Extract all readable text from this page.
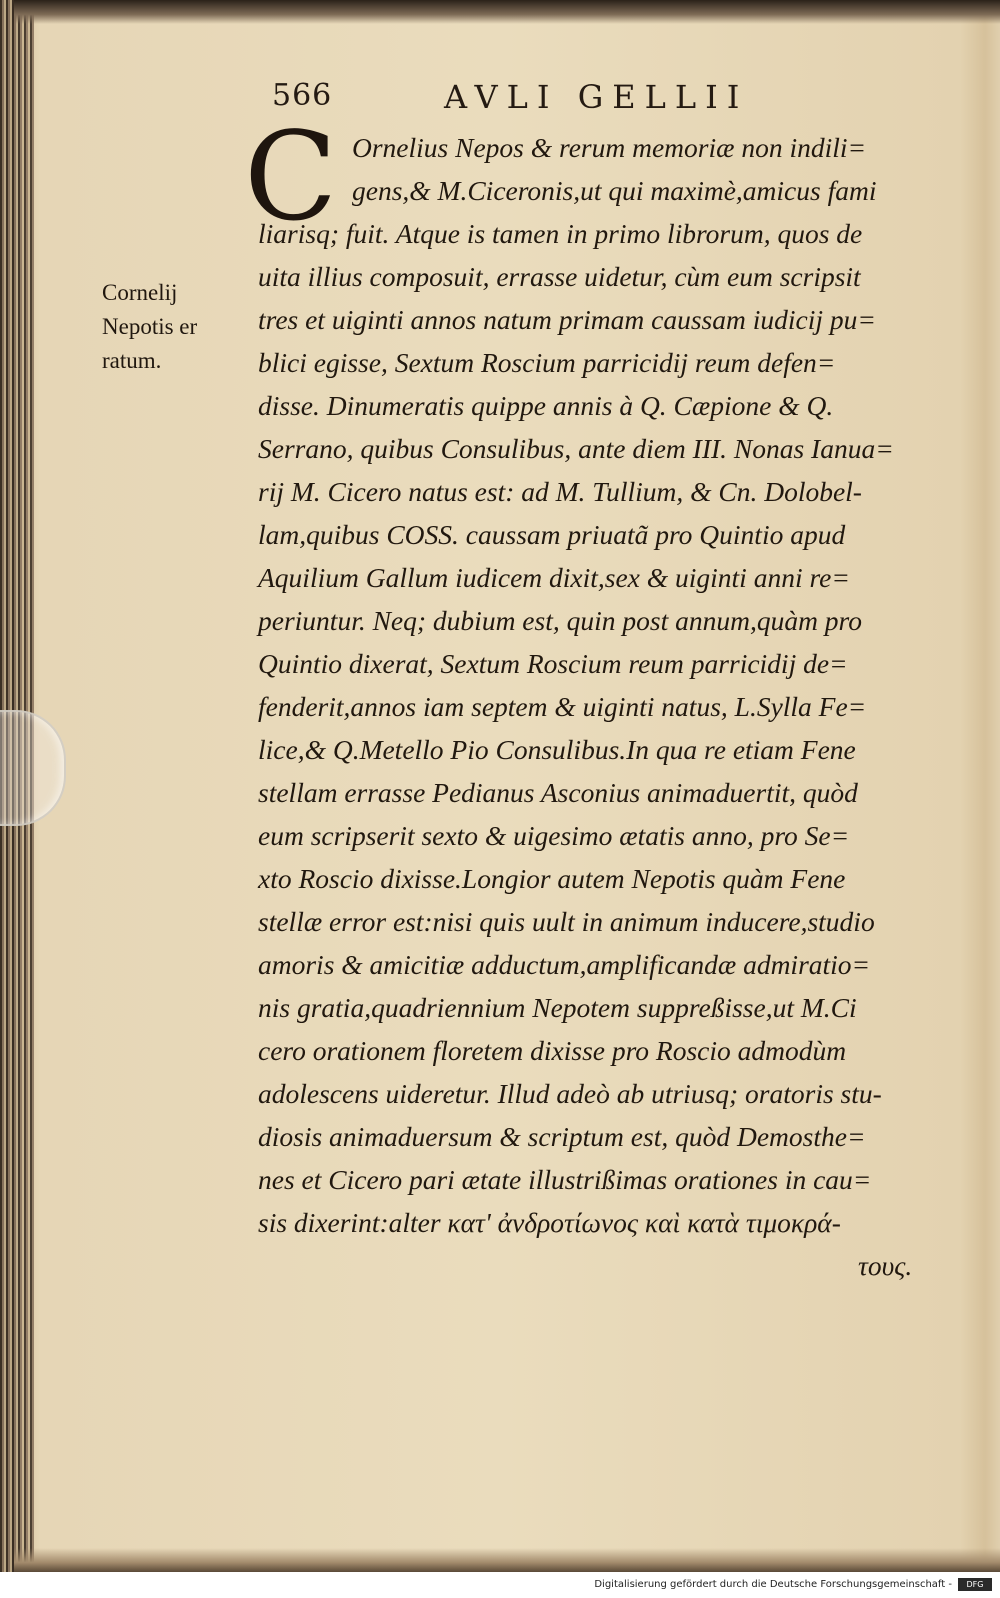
566	AVLI GELLII
C
Cornelij
Nepotis er
ratum.
Ornelius Nepos & rerum memoriæ non indili=
gens,& M.Ciceronis,ut qui maximè,amicus fami
liarisq; fuit. Atque is tamen in primo librorum, quos de
uita illius composuit, errasse uidetur, cùm eum scripsit
tres et uiginti annos natum primam caussam iudicij pu=
blici egisse, Sextum Roscium parricidij reum defen=
disse. Dinumeratis quippe annis à Q. Cæpione & Q.
Serrano, quibus Consulibus, ante diem III. Nonas Ianua=
rij M. Cicero natus est: ad M. Tullium, & Cn. Dolobel-
lam,quibus COSS. caussam priuatã pro Quintio apud
Aquilium Gallum iudicem dixit,sex & uiginti anni re=
periuntur. Neq; dubium est, quin post annum,quàm pro
Quintio dixerat, Sextum Roscium reum parricidij de=
fenderit,annos iam septem & uiginti natus, L.Sylla Fe=
lice,& Q.Metello Pio Consulibus.In qua re etiam Fene
stellam errasse Pedianus Asconius animaduertit, quòd
eum scripserit sexto & uigesimo ætatis anno, pro Se=
xto Roscio dixisse.Longior autem Nepotis quàm Fene
stellæ error est:nisi quis uult in animum inducere,studio
amoris & amicitiæ adductum,amplificandæ admiratio=
nis gratia,quadriennium Nepotem suppreßisse,ut M.Ci
cero orationem floretem dixisse pro Roscio admodùm
adolescens uideretur. Illud adeò ab utriusq; oratoris stu-
diosis animaduersum & scriptum est, quòd Demosthe=
nes et Cicero pari ætate illustrißimas orationes in cau=
sis dixerint:alter κατ' ἀνδροτίωνος καὶ κατὰ τιμοκρά-
τους.
Digitalisierung gefördert durch die Deutsche Forschungsgemeinschaft -	DFG
